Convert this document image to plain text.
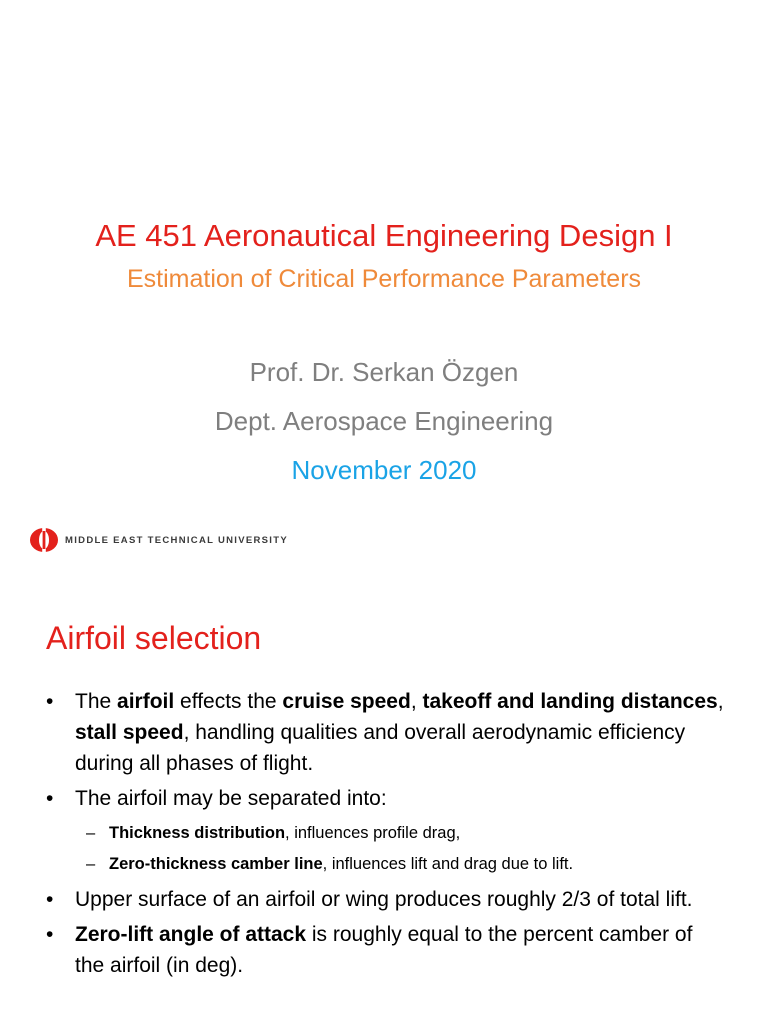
AE 451 Aeronautical Engineering Design I
Estimation of Critical Performance Parameters
Prof. Dr. Serkan Özgen
Dept. Aerospace Engineering
November 2020
MIDDLE EAST TECHNICAL UNIVERSITY
Airfoil selection
• The airfoil effects the cruise speed, takeoff and landing distances, stall speed, handling qualities and overall aerodynamic efficiency during all phases of flight.
• The airfoil may be separated into:
– Thickness distribution, influences profile drag,
– Zero-thickness camber line, influences lift and drag due to lift.
• Upper surface of an airfoil or wing produces roughly 2/3 of total lift.
• Zero-lift angle of attack is roughly equal to the percent camber of the airfoil (in deg).
